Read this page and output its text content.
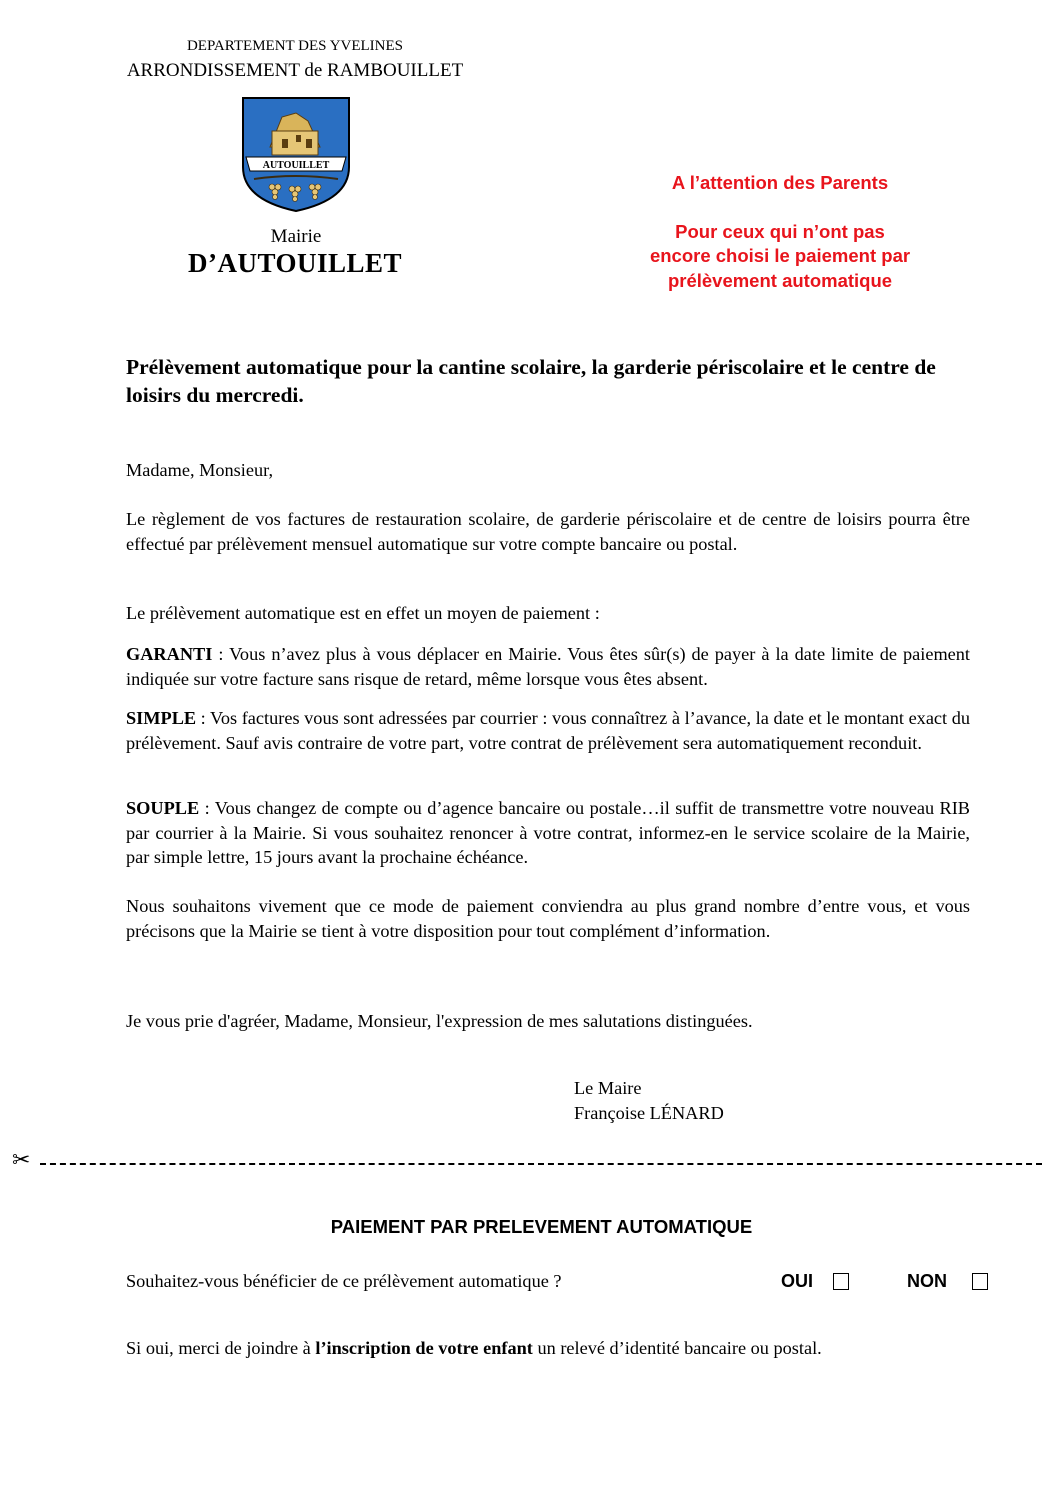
DEPARTEMENT DES YVELINES
ARRONDISSEMENT de RAMBOUILLET
AUTOUILLET
Mairie
D’AUTOUILLET
A l’attention des Parents
Pour ceux qui n’ont pas
encore choisi le paiement par
prélèvement automatique
Prélèvement automatique pour la cantine scolaire, la garderie périscolaire et le centre de loisirs du mercredi.
Madame, Monsieur,
Le règlement de vos factures de restauration scolaire, de garderie périscolaire et de centre de loisirs pourra être effectué par prélèvement mensuel automatique sur votre compte bancaire ou postal.
Le prélèvement automatique est en effet un moyen de paiement :
GARANTI : Vous n’avez plus à vous déplacer en Mairie. Vous êtes sûr(s) de payer à la date limite de paiement indiquée sur votre facture sans risque de retard, même lorsque vous êtes absent.
SIMPLE : Vos factures vous sont adressées par courrier : vous connaîtrez à l’avance, la date et le montant exact du prélèvement. Sauf avis contraire de votre part, votre contrat de prélèvement sera automatiquement reconduit.
SOUPLE : Vous changez de compte ou d’agence bancaire ou postale…il suffit de transmettre votre nouveau RIB par courrier à la Mairie. Si vous souhaitez renoncer à votre contrat, informez-en le service scolaire de la Mairie, par simple lettre, 15 jours avant la prochaine échéance.
Nous souhaitons vivement que ce mode de paiement conviendra au plus grand nombre d’entre vous, et vous précisons que la Mairie se tient à votre disposition pour tout complément d’information.
Je vous prie d'agréer, Madame, Monsieur, l'expression de mes salutations distinguées.
Le Maire
Françoise LÉNARD
✂
PAIEMENT PAR PRELEVEMENT AUTOMATIQUE
Souhaitez-vous bénéficier de ce prélèvement automatique ?	OUI	NON
Si oui, merci de joindre à l’inscription de votre enfant un relevé d’identité bancaire ou postal.
